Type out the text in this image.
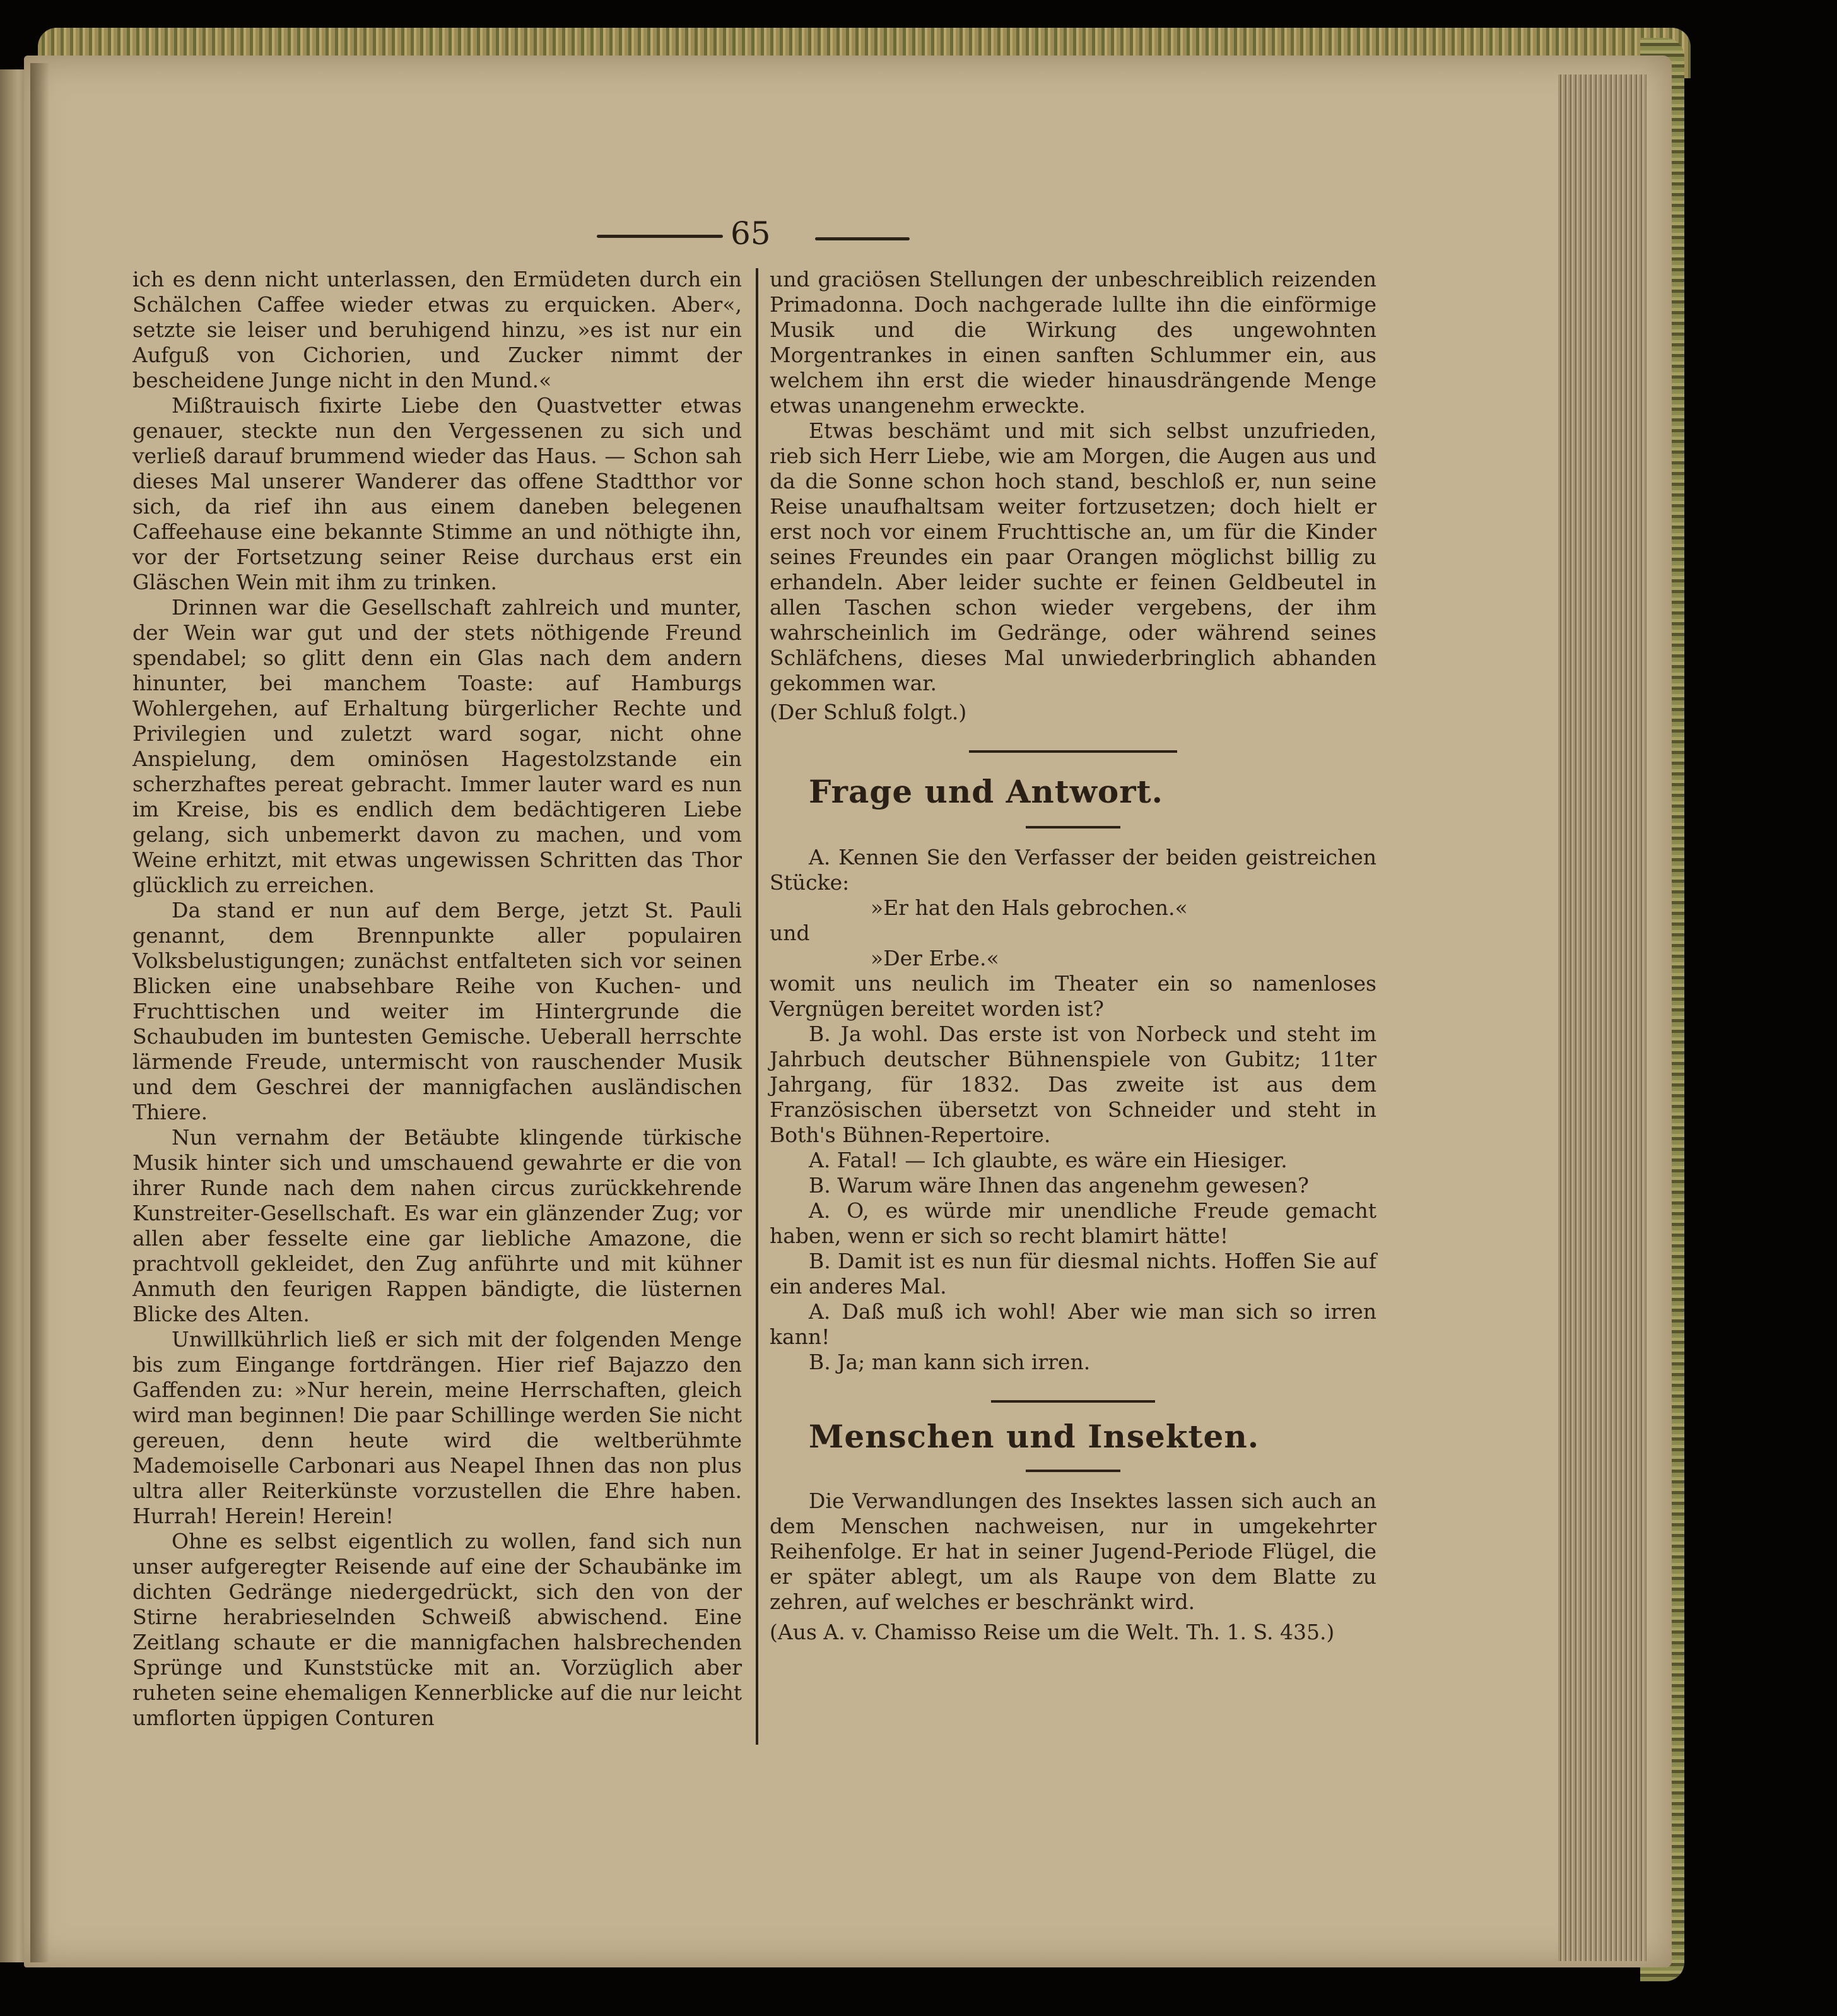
65

ich es denn nicht unterlassen, den Ermüdeten durch ein Schälchen Caffee wieder etwas zu erquicken. Aber«, setzte sie leiser und beruhigend hinzu, »es ist nur ein Aufguß von Cichorien, und Zucker nimmt der bescheidene Junge nicht in den Mund.«

Mißtrauisch fixirte Liebe den Quastvetter etwas genauer, steckte nun den Vergessenen zu sich und verließ darauf brummend wieder das Haus. — Schon sah dieses Mal unserer Wanderer das offene Stadtthor vor sich, da rief ihn aus einem daneben belegenen Caffeehause eine bekannte Stimme an und nöthigte ihn, vor der Fortsetzung seiner Reise durchaus erst ein Gläschen Wein mit ihm zu trinken.

Drinnen war die Gesellschaft zahlreich und munter, der Wein war gut und der stets nöthigende Freund spendabel; so glitt denn ein Glas nach dem andern hinunter, bei manchem Toaste: auf Hamburgs Wohlergehen, auf Erhaltung bürgerlicher Rechte und Privilegien und zuletzt ward sogar, nicht ohne Anspielung, dem ominösen Hagestolzstande ein scherzhaftes pereat gebracht. Immer lauter ward es nun im Kreise, bis es endlich dem bedächtigeren Liebe gelang, sich unbemerkt davon zu machen, und vom Weine erhitzt, mit etwas ungewissen Schritten das Thor glücklich zu erreichen.

Da stand er nun auf dem Berge, jetzt St. Pauli genannt, dem Brennpunkte aller populairen Volksbelustigungen; zunächst entfalteten sich vor seinen Blicken eine unabsehbare Reihe von Kuchen- und Fruchttischen und weiter im Hintergrunde die Schaubuden im buntesten Gemische. Ueberall herrschte lärmende Freude, untermischt von rauschender Musik und dem Geschrei der mannigfachen ausländischen Thiere.

Nun vernahm der Betäubte klingende türkische Musik hinter sich und umschauend gewahrte er die von ihrer Runde nach dem nahen circus zurückkehrende Kunstreiter-Gesellschaft. Es war ein glänzender Zug; vor allen aber fesselte eine gar liebliche Amazone, die prachtvoll gekleidet, den Zug anführte und mit kühner Anmuth den feurigen Rappen bändigte, die lüsternen Blicke des Alten.

Unwillkührlich ließ er sich mit der folgenden Menge bis zum Eingange fortdrängen. Hier rief Bajazzo den Gaffenden zu: »Nur herein, meine Herrschaften, gleich wird man beginnen! Die paar Schillinge werden Sie nicht gereuen, denn heute wird die weltberühmte Mademoiselle Carbonari aus Neapel Ihnen das non plus ultra aller Reiterkünste vorzustellen die Ehre haben. Hurrah! Herein! Herein!

Ohne es selbst eigentlich zu wollen, fand sich nun unser aufgeregter Reisende auf eine der Schaubänke im dichten Gedränge niedergedrückt, sich den von der Stirne herabrieselnden Schweiß abwischend. Eine Zeitlang schaute er die mannigfachen halsbrechenden Sprünge und Kunststücke mit an. Vorzüglich aber ruheten seine ehemaligen Kennerblicke auf die nur leicht umflorten üppigen Conturen

und graciösen Stellungen der unbeschreiblich reizenden Primadonna. Doch nachgerade lullte ihn die einförmige Musik und die Wirkung des ungewohnten Morgentrankes in einen sanften Schlummer ein, aus welchem ihn erst die wieder hinausdrängende Menge etwas unangenehm erweckte.

Etwas beschämt und mit sich selbst unzufrieden, rieb sich Herr Liebe, wie am Morgen, die Augen aus und da die Sonne schon hoch stand, beschloß er, nun seine Reise unaufhaltsam weiter fortzusetzen; doch hielt er erst noch vor einem Fruchttische an, um für die Kinder seines Freundes ein paar Orangen möglichst billig zu erhandeln. Aber leider suchte er feinen Geldbeutel in allen Taschen schon wieder vergebens, der ihm wahrscheinlich im Gedränge, oder während seines Schläfchens, dieses Mal unwiederbringlich abhanden gekommen war.

(Der Schluß folgt.)

Frage und Antwort.

A. Kennen Sie den Verfasser der beiden geistreichen Stücke:

»Er hat den Hals gebrochen.«

und

»Der Erbe.«

womit uns neulich im Theater ein so namenloses Vergnügen bereitet worden ist?

B. Ja wohl. Das erste ist von Norbeck und steht im Jahrbuch deutscher Bühnenspiele von Gubitz; 11ter Jahrgang, für 1832. Das zweite ist aus dem Französischen übersetzt von Schneider und steht in Both's Bühnen-Repertoire.

A. Fatal! — Ich glaubte, es wäre ein Hiesiger.

B. Warum wäre Ihnen das angenehm gewesen?

A. O, es würde mir unendliche Freude gemacht haben, wenn er sich so recht blamirt hätte!

B. Damit ist es nun für diesmal nichts. Hoffen Sie auf ein anderes Mal.

A. Daß muß ich wohl! Aber wie man sich so irren kann!

B. Ja; man kann sich irren.

Menschen und Insekten.

Die Verwandlungen des Insektes lassen sich auch an dem Menschen nachweisen, nur in umgekehrter Reihenfolge. Er hat in seiner Jugend-Periode Flügel, die er später ablegt, um als Raupe von dem Blatte zu zehren, auf welches er beschränkt wird.

(Aus A. v. Chamisso Reise um die Welt. Th. 1. S. 435.)
